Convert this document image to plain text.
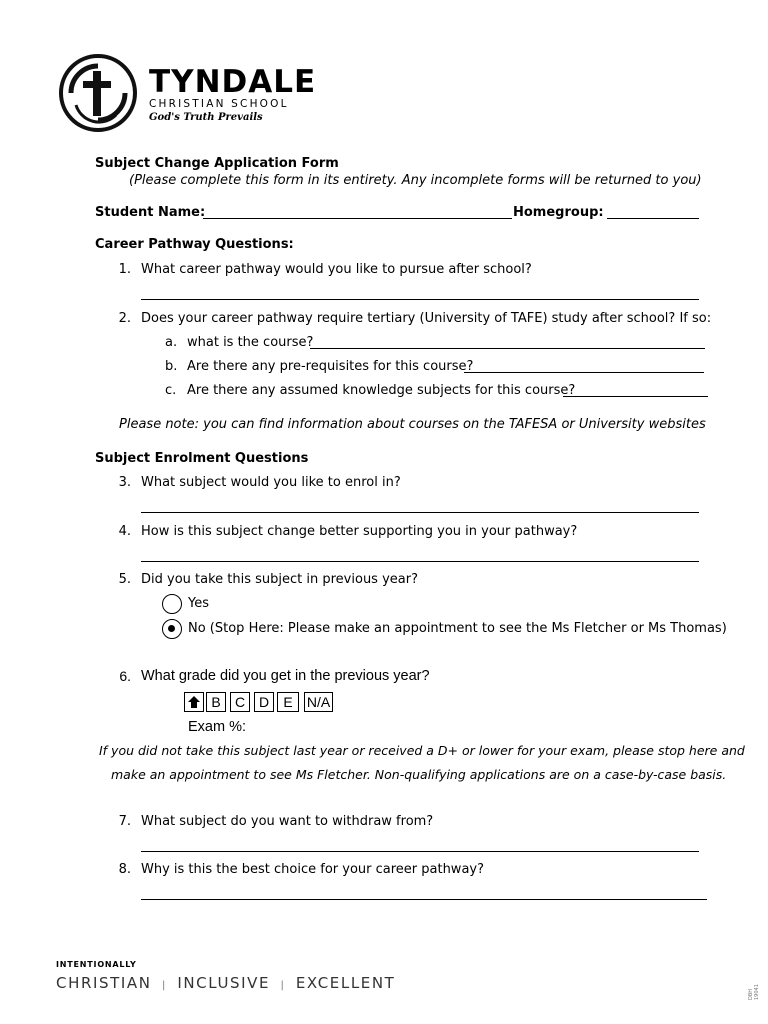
TYNDALE
CHRISTIAN SCHOOL
God's Truth Prevails
Subject Change Application Form
(Please complete this form in its entirety. Any incomplete forms will be returned to you)
Student Name:	Homegroup:
Career Pathway Questions:
1. What career pathway would you like to pursue after school?
2. Does your career pathway require tertiary (University of TAFE) study after school? If so:
a. what is the course?
b. Are there any pre-requisites for this course?
c. Are there any assumed knowledge subjects for this course?
Please note: you can find information about courses on the TAFESA or University websites
Subject Enrolment Questions
3. What subject would you like to enrol in?
4. How is this subject change better supporting you in your pathway?
5. Did you take this subject in previous year?
Yes
No (Stop Here: Please make an appointment to see the Ms Fletcher or Ms Thomas)
6. What grade did you get in the previous year?
B	C D	E	N/A
Exam %:
If you did not take this subject last year or received a D+ or lower for your exam, please stop here and
make an appointment to see Ms Fletcher. Non-qualifying applications are on a case-by-case basis.
7. What subject do you want to withdraw from?
8. Why is this the best choice for your career pathway?
INTENTIONALLY
CHRISTIAN | INCLUSIVE | EXCELLENT
DBH 19041
